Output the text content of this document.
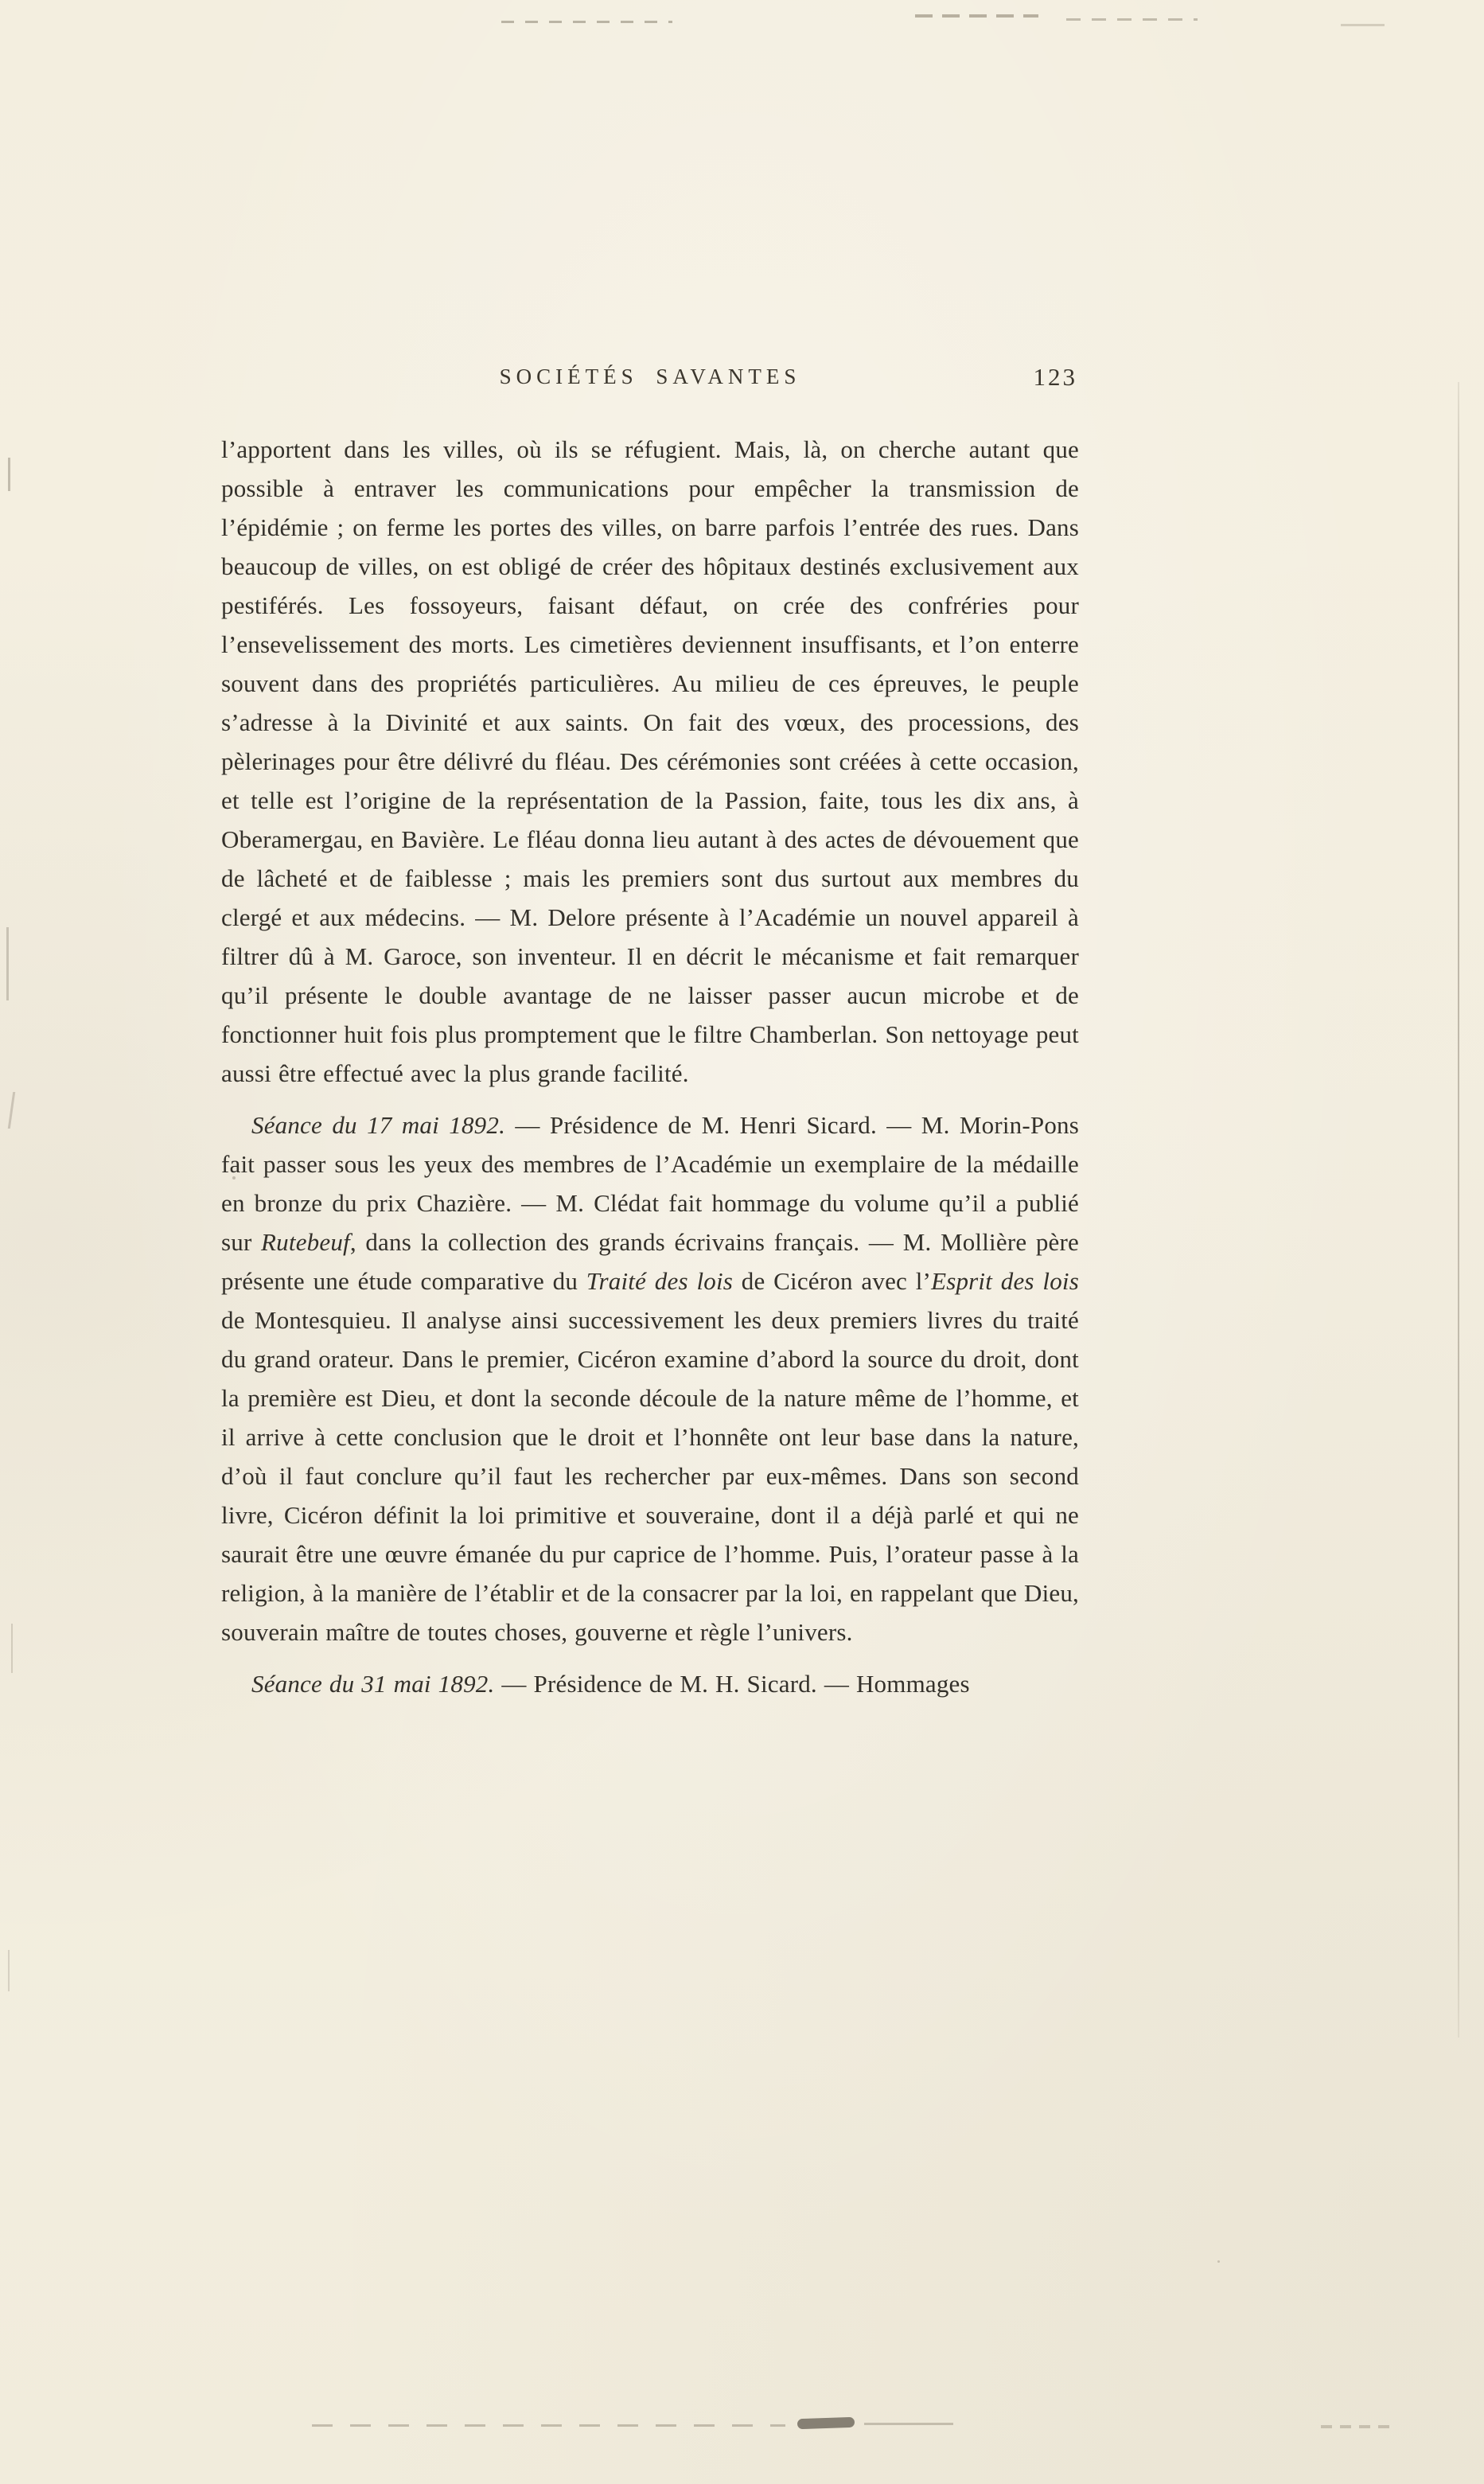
SOCIÉTÉS SAVANTES	123

l’apportent dans les villes, où ils se réfugient. Mais, là, on cherche autant que possible à entraver les communications pour empêcher la transmission de l’épidémie ; on ferme les portes des villes, on barre parfois l’entrée des rues. Dans beaucoup de villes, on est obligé de créer des hôpitaux destinés exclusivement aux pestiférés. Les fossoyeurs, faisant défaut, on crée des confréries pour l’ensevelissement des morts. Les cimetières deviennent insuffisants, et l’on enterre souvent dans des propriétés particulières. Au milieu de ces épreuves, le peuple s’adresse à la Divinité et aux saints. On fait des vœux, des processions, des pèlerinages pour être délivré du fléau. Des cérémonies sont créées à cette occasion, et telle est l’origine de la représentation de la Passion, faite, tous les dix ans, à Oberamergau, en Bavière. Le fléau donna lieu autant à des actes de dévouement que de lâcheté et de faiblesse ; mais les premiers sont dus surtout aux membres du clergé et aux médecins. — M. Delore présente à l’Académie un nouvel appareil à filtrer dû à M. Garoce, son inventeur. Il en décrit le mécanisme et fait remarquer qu’il présente le double avantage de ne laisser passer aucun microbe et de fonctionner huit fois plus promptement que le filtre Chamberlan. Son nettoyage peut aussi être effectué avec la plus grande facilité.

Séance du 17 mai 1892. — Présidence de M. Henri Sicard. — M. Morin-Pons fait passer sous les yeux des membres de l’Académie un exemplaire de la médaille en bronze du prix Chazière. — M. Clédat fait hommage du volume qu’il a publié sur Rutebeuf, dans la collection des grands écrivains français. — M. Mollière père présente une étude comparative du Traité des lois de Cicéron avec l’Esprit des lois de Montesquieu. Il analyse ainsi successivement les deux premiers livres du traité du grand orateur. Dans le premier, Cicéron examine d’abord la source du droit, dont la première est Dieu, et dont la seconde découle de la nature même de l’homme, et il arrive à cette conclusion que le droit et l’honnête ont leur base dans la nature, d’où il faut conclure qu’il faut les rechercher par eux-mêmes. Dans son second livre, Cicéron définit la loi primitive et souveraine, dont il a déjà parlé et qui ne saurait être une œuvre émanée du pur caprice de l’homme. Puis, l’orateur passe à la religion, à la manière de l’établir et de la consacrer par la loi, en rappelant que Dieu, souverain maître de toutes choses, gouverne et règle l’univers.

Séance du 31 mai 1892. — Présidence de M. H. Sicard. — Hommages
